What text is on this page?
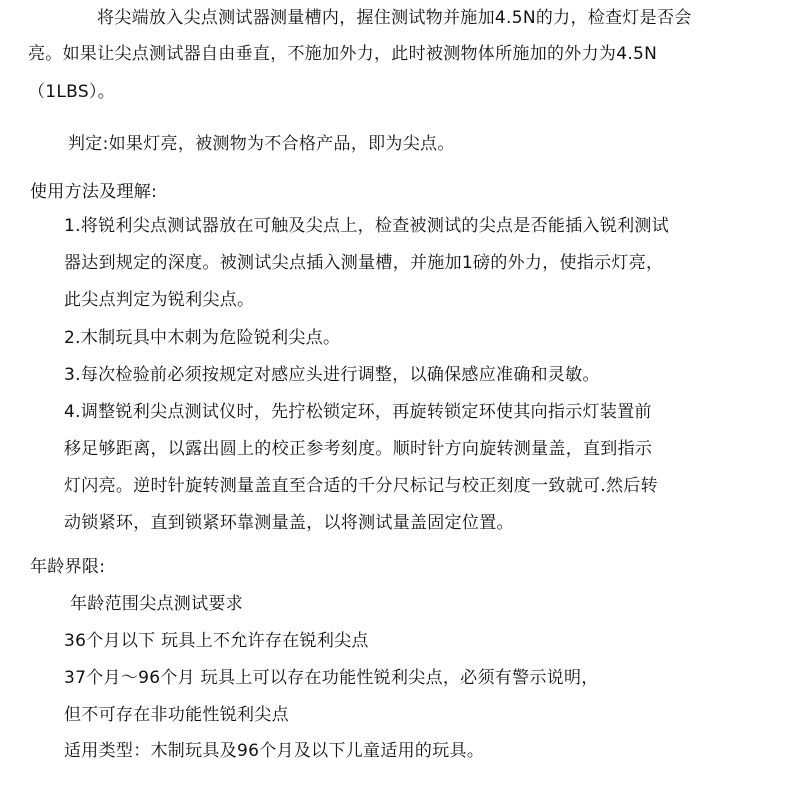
将尖端放入尖点测试器测量槽内，握住测试物并施加4.5N的力，检查灯是否会
亮。如果让尖点测试器自由垂直，不施加外力，此时被测物体所施加的外力为4.5N
（1LBS）。
判定:如果灯亮，被测物为不合格产品，即为尖点。
使用方法及理解:
1.将锐利尖点测试器放在可触及尖点上，检查被测试的尖点是否能插入锐利测试
器达到规定的深度。被测试尖点插入测量槽，并施加1磅的外力，使指示灯亮，
此尖点判定为锐利尖点。
2.木制玩具中木刺为危险锐利尖点。
3.每次检验前必须按规定对感应头进行调整，以确保感应准确和灵敏。
4.调整锐利尖点测试仪时，先拧松锁定环，再旋转锁定环使其向指示灯装置前
移足够距离，以露出圆上的校正参考刻度。顺时针方向旋转测量盖，直到指示
灯闪亮。逆时针旋转测量盖直至合适的千分尺标记与校正刻度一致就可.然后转
动锁紧环，直到锁紧环靠测量盖，以将测试量盖固定位置。
年龄界限:
年龄范围尖点测试要求
36个月以下 玩具上不允许存在锐利尖点
37个月～96个月 玩具上可以存在功能性锐利尖点，必须有警示说明，
但不可存在非功能性锐利尖点
适用类型：木制玩具及96个月及以下儿童适用的玩具。
